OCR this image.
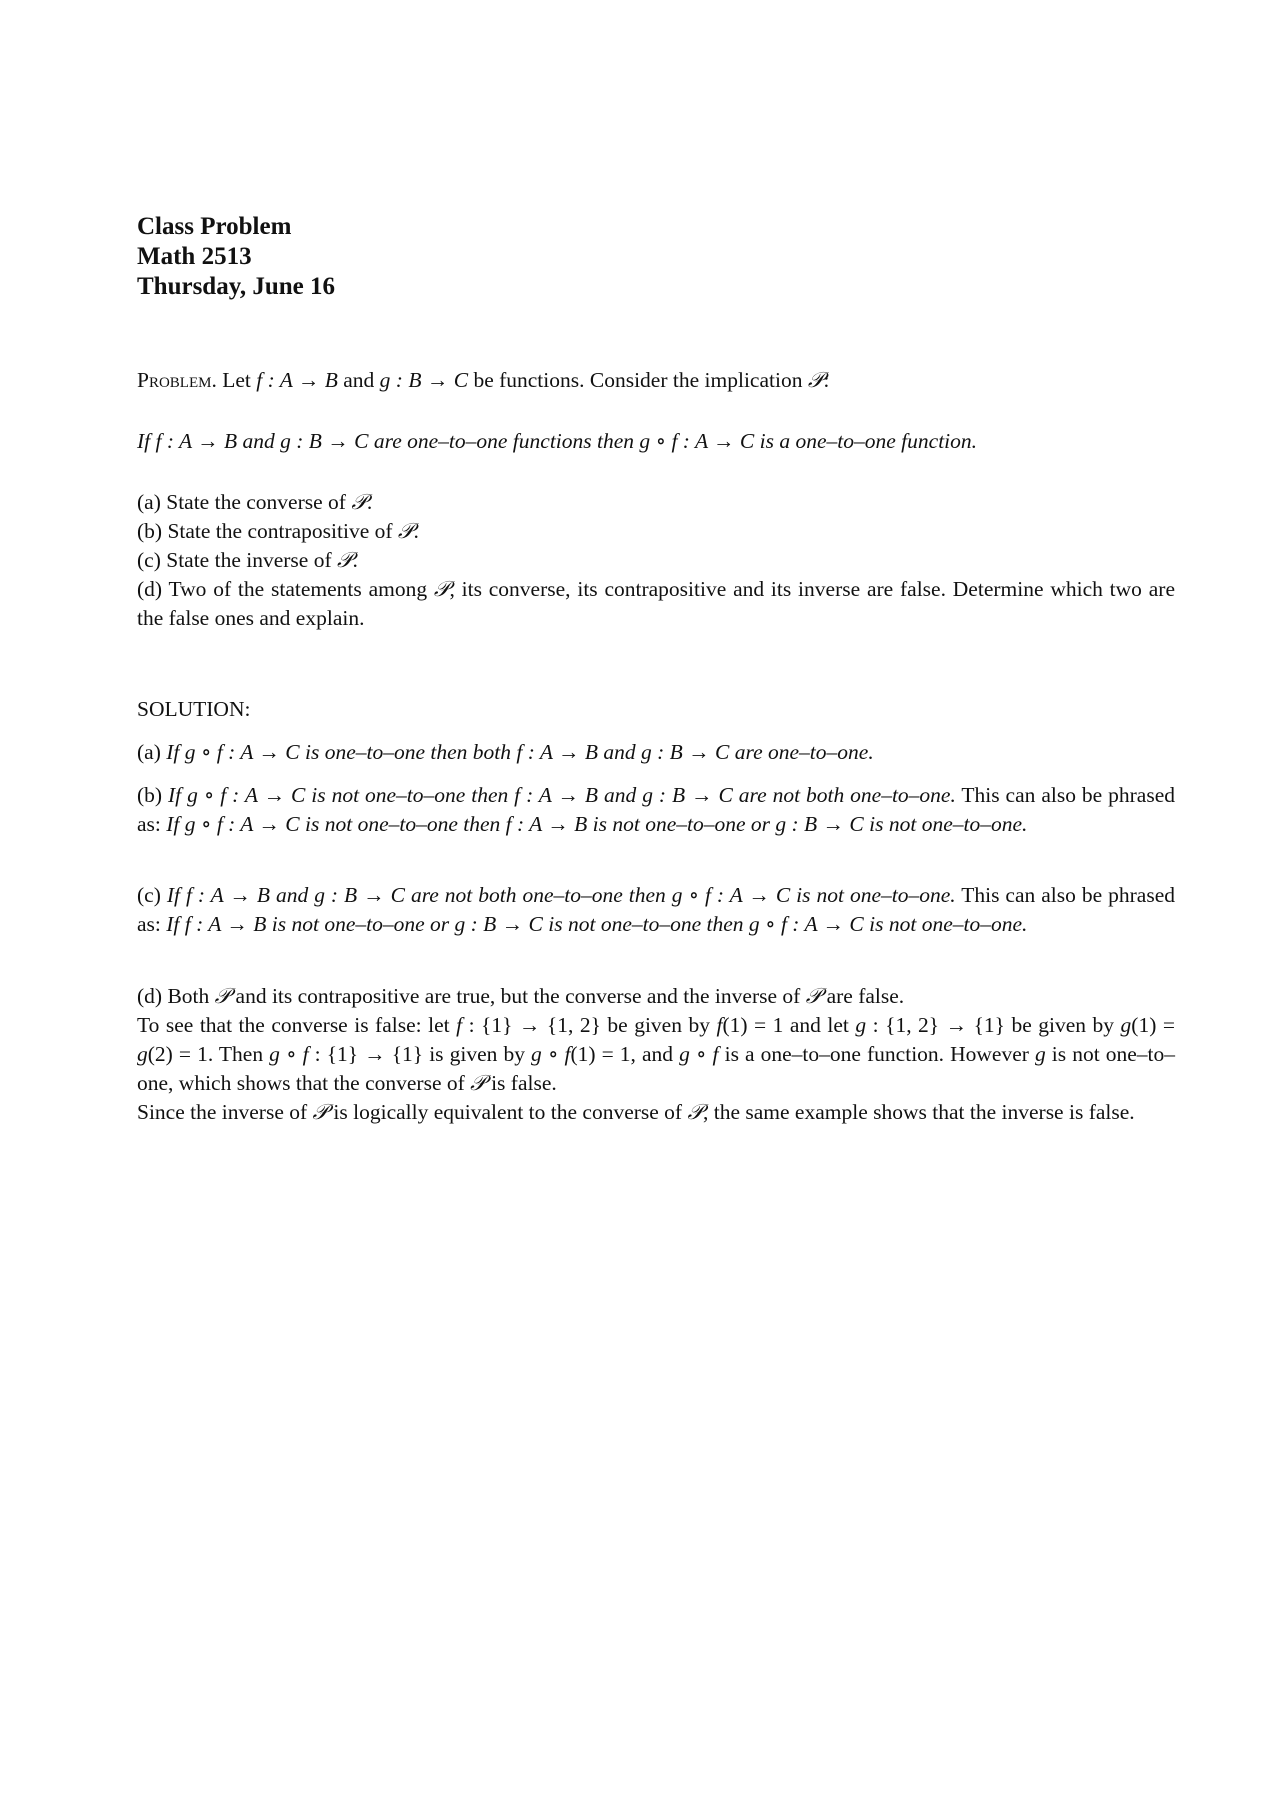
Class Problem
Math 2513
Thursday, June 16
Problem. Let f : A → B and g : B → C be functions. Consider the implication 𝒫:
If f : A → B and g : B → C are one–to–one functions then g ∘ f : A → C is a one–to–one function.
(a) State the converse of 𝒫.
(b) State the contrapositive of 𝒫.
(c) State the inverse of 𝒫.
(d) Two of the statements among 𝒫, its converse, its contrapositive and its inverse are false. Determine which two are the false ones and explain.
SOLUTION:
(a) If g ∘ f : A → C is one–to–one then both f : A → B and g : B → C are one–to–one.
(b) If g ∘ f : A → C is not one–to–one then f : A → B and g : B → C are not both one–to–one. This can also be phrased as: If g ∘ f : A → C is not one–to–one then f : A → B is not one–to–one or g : B → C is not one–to–one.
(c) If f : A → B and g : B → C are not both one–to–one then g ∘ f : A → C is not one–to–one. This can also be phrased as: If f : A → B is not one–to–one or g : B → C is not one–to–one then g ∘ f : A → C is not one–to–one.
(d) Both 𝒫 and its contrapositive are true, but the converse and the inverse of 𝒫 are false.
To see that the converse is false: let f : {1} → {1, 2} be given by f(1) = 1 and let g : {1, 2} → {1} be given by g(1) = g(2) = 1. Then g ∘ f : {1} → {1} is given by g ∘ f(1) = 1, and g ∘ f is a one–to–one function. However g is not one–to–one, which shows that the converse of 𝒫 is false.
Since the inverse of 𝒫 is logically equivalent to the converse of 𝒫, the same example shows that the inverse is false.
